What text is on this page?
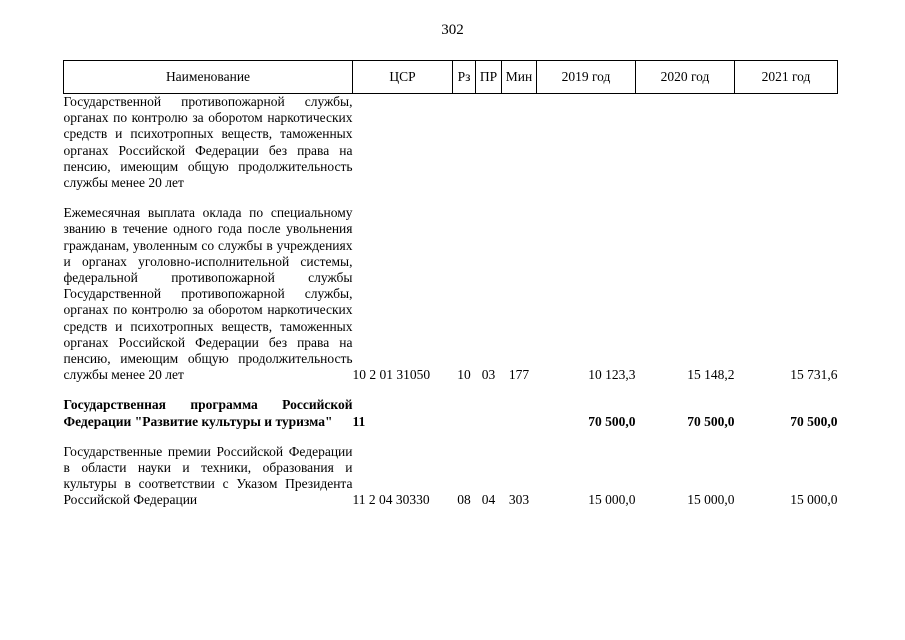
302
Наименование	ЦСР	Рз	ПР	Мин	2019 год	2020 год	2021 год
Государственной противопожарной службы, органах по контролю за оборотом наркотических средств и психотропных веществ, таможенных органах Российской Федерации без права на пенсию, имеющим общую продолжительность службы менее 20 лет							

Ежемесячная выплата оклада по специальному званию в течение одного года после увольнения гражданам, уволенным со службы в учреждениях и органах уголовно-исполнительной системы, федеральной противопожарной службы Государственной противопожарной службы, органах по контролю за оборотом наркотических средств и психотропных веществ, таможенных органах Российской Федерации без права на пенсию, имеющим общую продолжительность службы менее 20 лет	10 2 01 31050	10	03	177	10 123,3	15 148,2	15 731,6

Государственная программа Российской Федерации "Развитие культуры и туризма"	11				70 500,0	70 500,0	70 500,0

Государственные премии Российской Федерации в области науки и техники, образования и культуры в соответствии с Указом Президента Российской Федерации	11 2 04 30330	08	04	303	15 000,0	15 000,0	15 000,0
